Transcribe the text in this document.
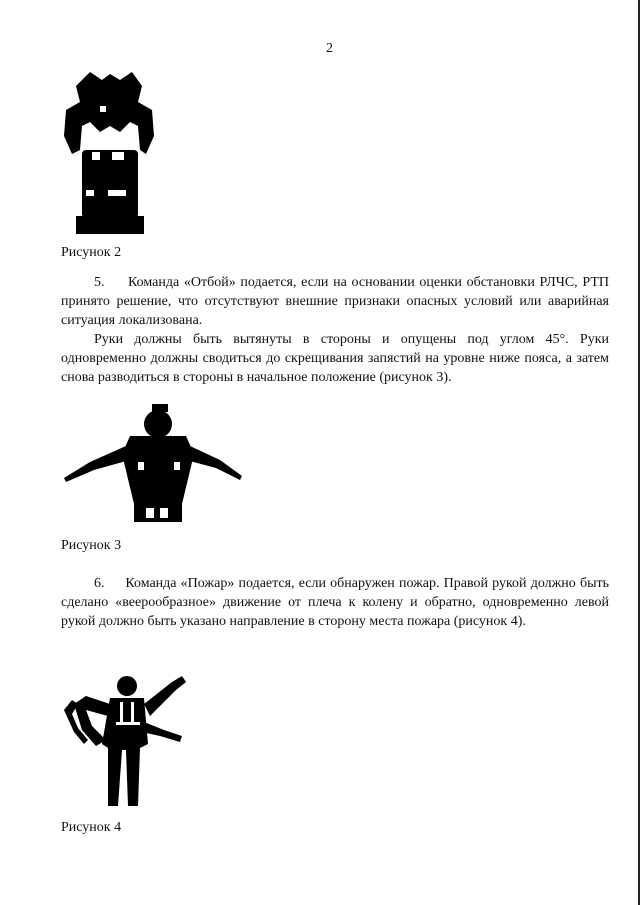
2
Рисунок 2

5.     Команда «Отбой» подается, если на основании оценки обстановки РЛЧС, РТП принято решение, что отсутствуют внешние признаки опасных условий или аварийная ситуация локализована.

Руки должны быть вытянуты в стороны и опущены под углом 45°. Руки одновременно должны сводиться до скрещивания запястий на уровне ниже пояса, а затем снова разводиться в стороны в начальное положение (рисунок 3).

Рисунок 3

6.     Команда «Пожар» подается, если обнаружен пожар. Правой рукой должно быть сделано «веерообразное» движение от плеча к колену и обратно, одновременно левой рукой должно быть указано направление в сторону места пожара (рисунок 4).

Рисунок 4
